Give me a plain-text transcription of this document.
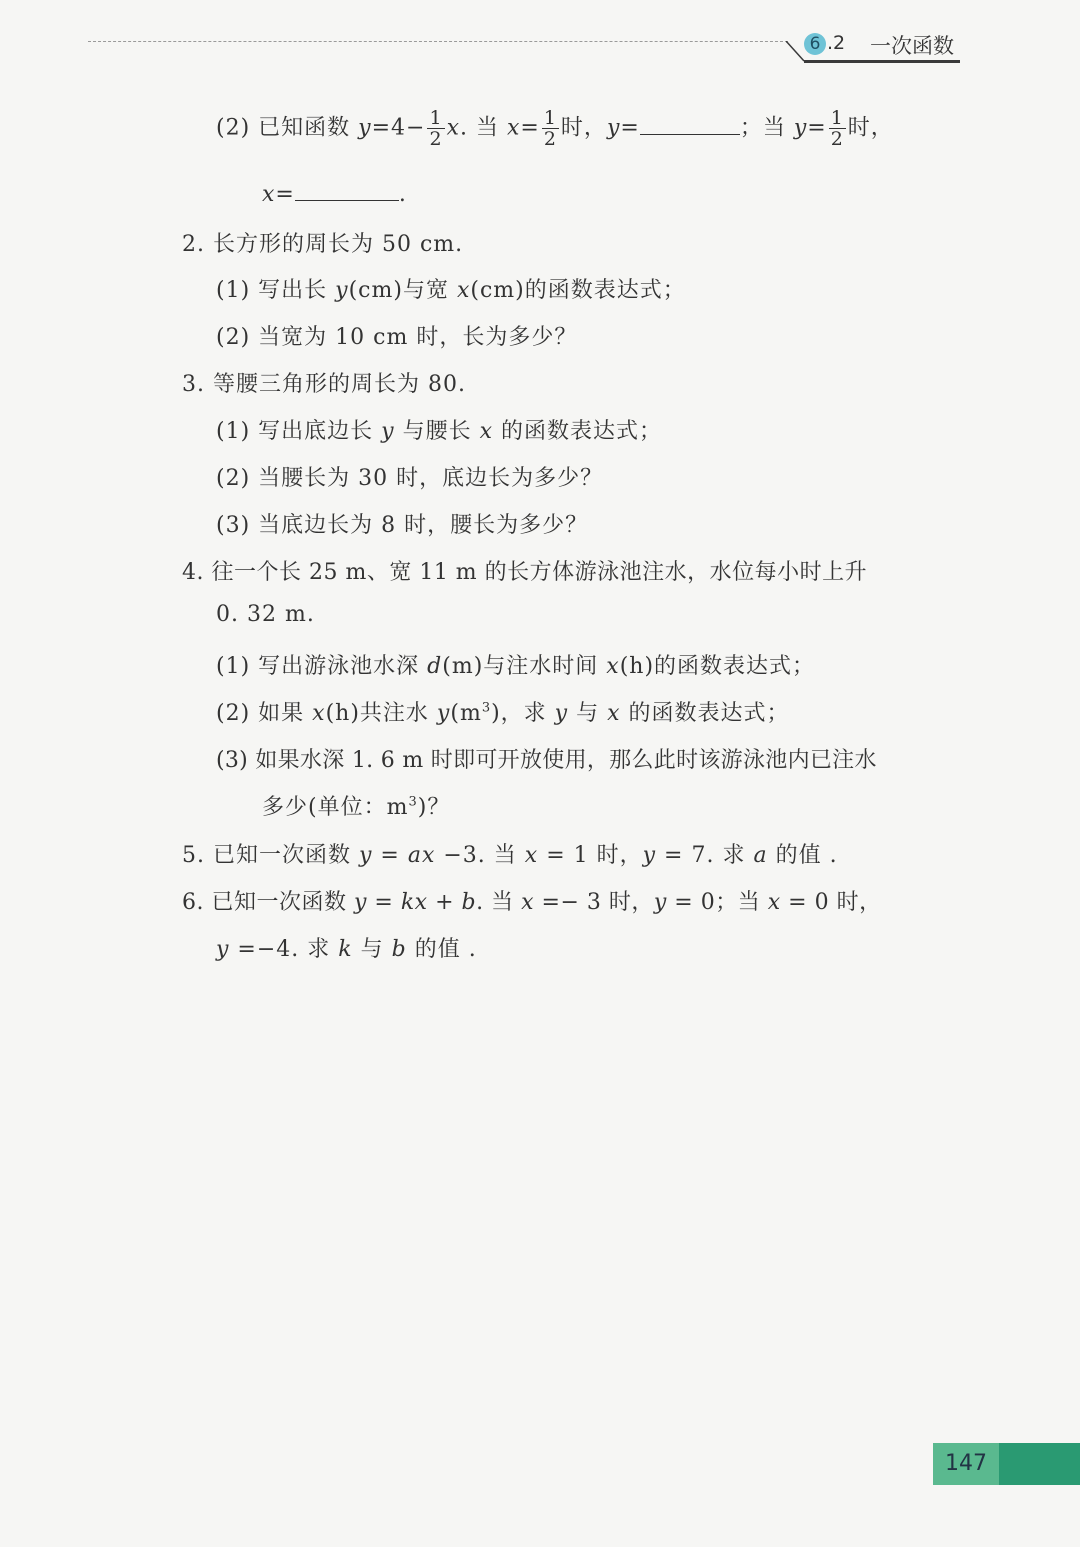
6 .2 一次函数
(2) 已知函数 $y=4- \frac{1}{2} x$. 当 $x= \frac{1}{2}$ 时，y=	；当 $y= \frac{1}{2}$ 时，
x=	.
2. 长方形的周长为 50 cm.
(1) 写出长 y(cm)与宽 x(cm)的函数表达式；
(2) 当宽为 10 cm 时，长为多少？
3. 等腰三角形的周长为 80.
(1) 写出底边长 y 与腰长 x 的函数表达式；
(2) 当腰长为 30 时，底边长为多少？
(3) 当底边长为 8 时，腰长为多少？
4. 往一个长 25 m、宽 11 m 的长方体游泳池注水，水位每小时上升
0. 32 m.
(1) 写出游泳池水深 d(m)与注水时间 x(h)的函数表达式；
(2) 如果 x(h)共注水 $y(m^3)$，求 y 与 x 的函数表达式；
(3) 如果水深 1. 6 m 时即可开放使用，那么此时该游泳池内已注水
多少(单位：$m^3$)？
5. 已知一次函数 y = ax −3. 当 x = 1 时，y = 7. 求 a 的值 .
6. 已知一次函数 y = kx + b. 当 x =− 3 时，y = 0；当 x = 0 时，
y =−4. 求 k 与 b 的值 .
147
